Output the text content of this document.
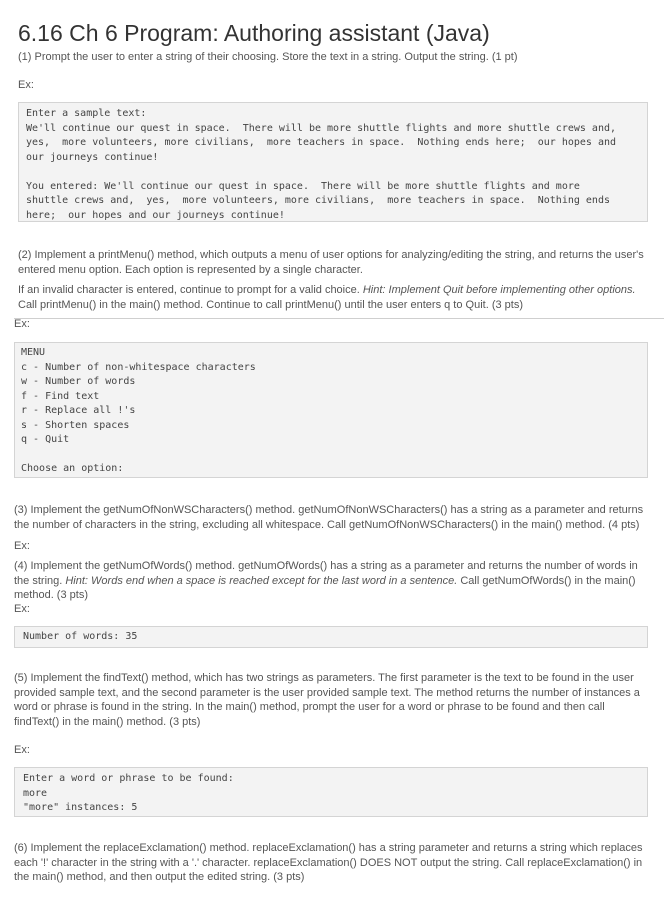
6.16 Ch 6 Program: Authoring assistant (Java)

(1) Prompt the user to enter a string of their choosing. Store the text in a string. Output the string. (1 pt)

Ex:
Enter a sample text:
We'll continue our quest in space.  There will be more shuttle flights and more shuttle crews and,
yes,  more volunteers, more civilians,  more teachers in space.  Nothing ends here;  our hopes and
our journeys continue!

You entered: We'll continue our quest in space.  There will be more shuttle flights and more
shuttle crews and,  yes,  more volunteers, more civilians,  more teachers in space.  Nothing ends
here;  our hopes and our journeys continue!

(2) Implement a printMenu() method, which outputs a menu of user options for analyzing/editing the string, and returns the user's entered menu option. Each option is represented by a single character.

If an invalid character is entered, continue to prompt for a valid choice. Hint: Implement Quit before implementing other options. Call printMenu() in the main() method. Continue to call printMenu() until the user enters q to Quit. (3 pts)

Ex:
MENU
c - Number of non-whitespace characters
w - Number of words
f - Find text
r - Replace all !'s
s - Shorten spaces
q - Quit

Choose an option:

(3) Implement the getNumOfNonWSCharacters() method. getNumOfNonWSCharacters() has a string as a parameter and returns the number of characters in the string, excluding all whitespace. Call getNumOfNonWSCharacters() in the main() method. (4 pts)

Ex:

(4) Implement the getNumOfWords() method. getNumOfWords() has a string as a parameter and returns the number of words in the string. Hint: Words end when a space is reached except for the last word in a sentence. Call getNumOfWords() in the main() method. (3 pts)

Ex:
Number of words: 35

(5) Implement the findText() method, which has two strings as parameters. The first parameter is the text to be found in the user provided sample text, and the second parameter is the user provided sample text. The method returns the number of instances a word or phrase is found in the string. In the main() method, prompt the user for a word or phrase to be found and then call findText() in the main() method. (3 pts)

Ex:
Enter a word or phrase to be found:
more
"more" instances: 5

(6) Implement the replaceExclamation() method. replaceExclamation() has a string parameter and returns a string which replaces each '!' character in the string with a '.' character. replaceExclamation() DOES NOT output the string. Call replaceExclamation() in the main() method, and then output the edited string. (3 pts)
